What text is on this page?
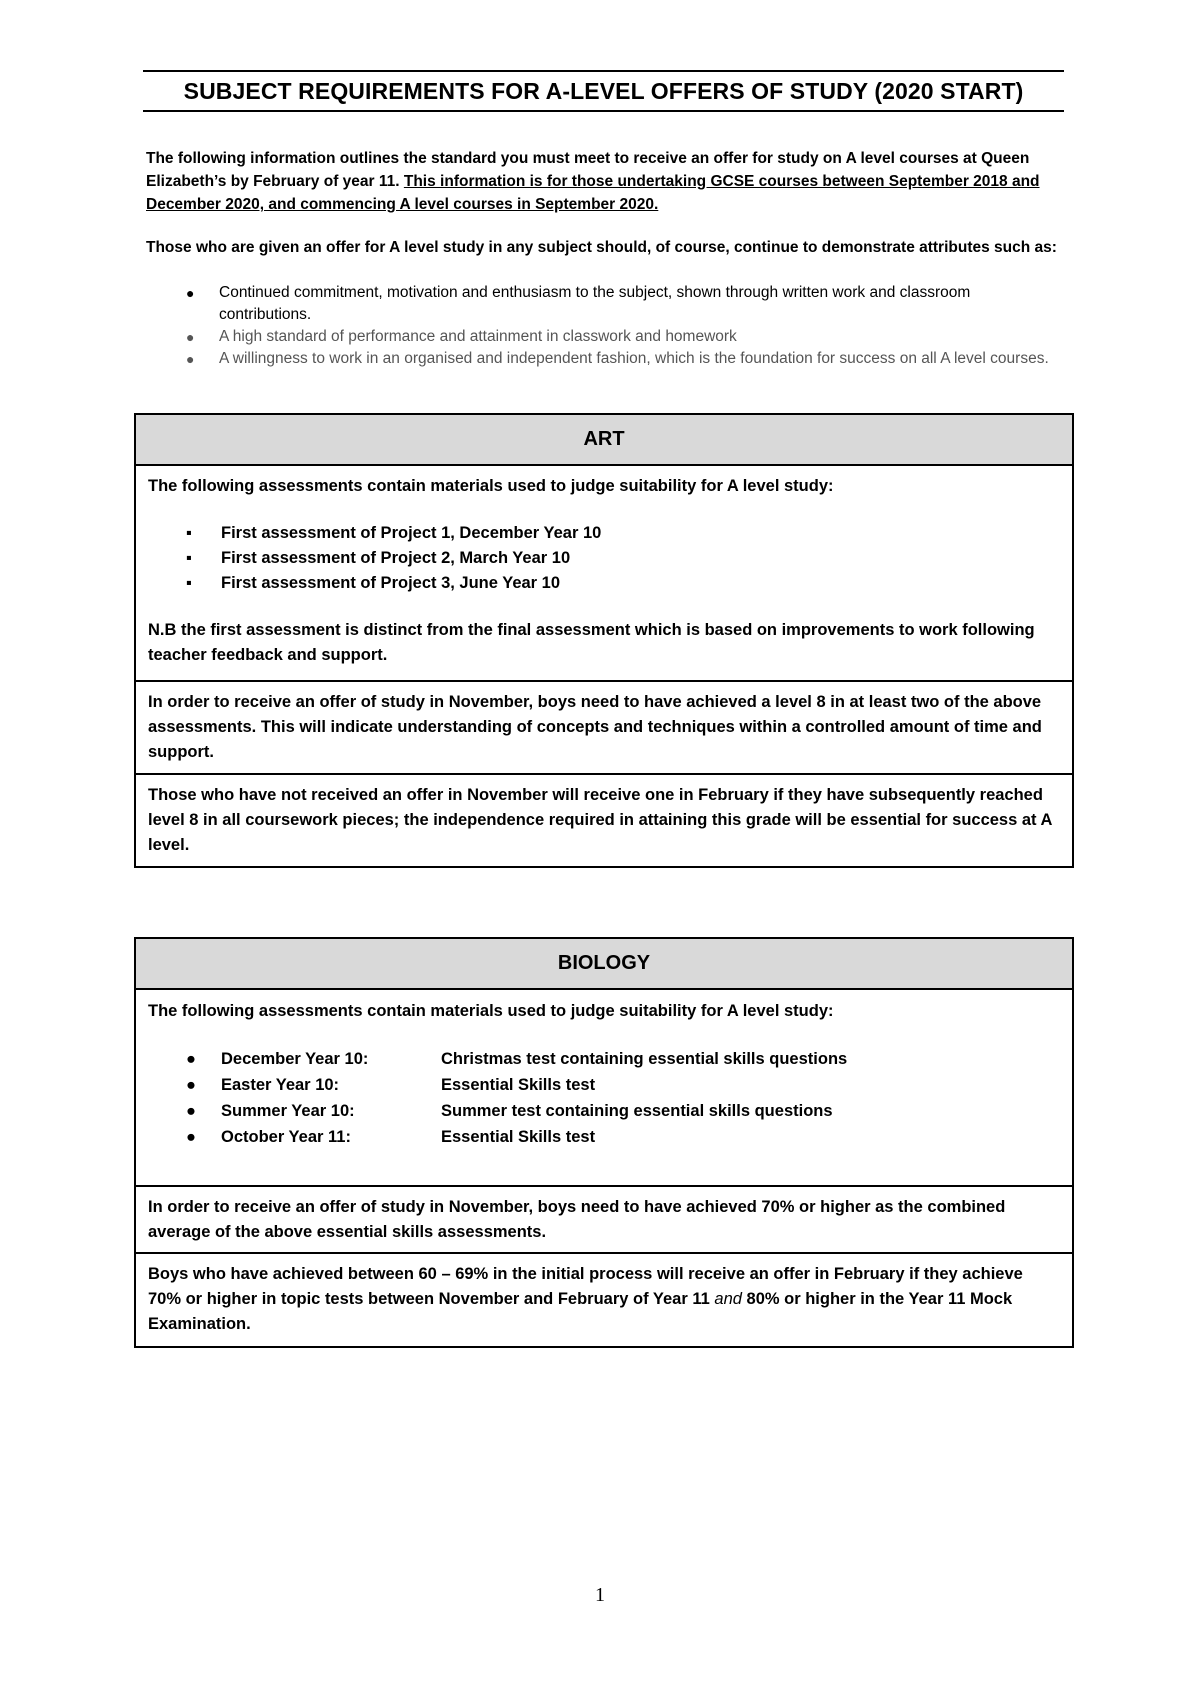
SUBJECT REQUIREMENTS FOR A-LEVEL OFFERS OF STUDY (2020 START)
The following information outlines the standard you must meet to receive an offer for study on A level courses at Queen Elizabeth’s by February of year 11. This information is for those undertaking GCSE courses between September 2018 and December 2020, and commencing A level courses in September 2020.
Those who are given an offer for A level study in any subject should, of course, continue to demonstrate attributes such as:
● Continued commitment, motivation and enthusiasm to the subject, shown through written work and classroom contributions.
● A high standard of performance and attainment in classwork and homework
● A willingness to work in an organised and independent fashion, which is the foundation for success on all A level courses.
ART

The following assessments contain materials used to judge suitability for A level study:

▪ First assessment of Project 1, December Year 10
▪ First assessment of Project 2, March Year 10
▪ First assessment of Project 3, June Year 10

N.B the first assessment is distinct from the final assessment which is based on improvements to work following teacher feedback and support.

In order to receive an offer of study in November, boys need to have achieved a level 8 in at least two of the above assessments. This will indicate understanding of concepts and techniques within a controlled amount of time and support.

Those who have not received an offer in November will receive one in February if they have subsequently reached level 8 in all coursework pieces; the independence required in attaining this grade will be essential for success at A level.

BIOLOGY

The following assessments contain materials used to judge suitability for A level study:

● December Year 10:	Christmas test containing essential skills questions
● Easter Year 10:	Essential Skills test
● Summer Year 10:	Summer test containing essential skills questions
● October Year 11:	Essential Skills test

In order to receive an offer of study in November, boys need to have achieved 70% or higher as the combined average of the above essential skills assessments.

Boys who have achieved between 60 – 69% in the initial process will receive an offer in February if they achieve 70% or higher in topic tests between November and February of Year 11 and 80% or higher in the Year 11 Mock Examination.

1
